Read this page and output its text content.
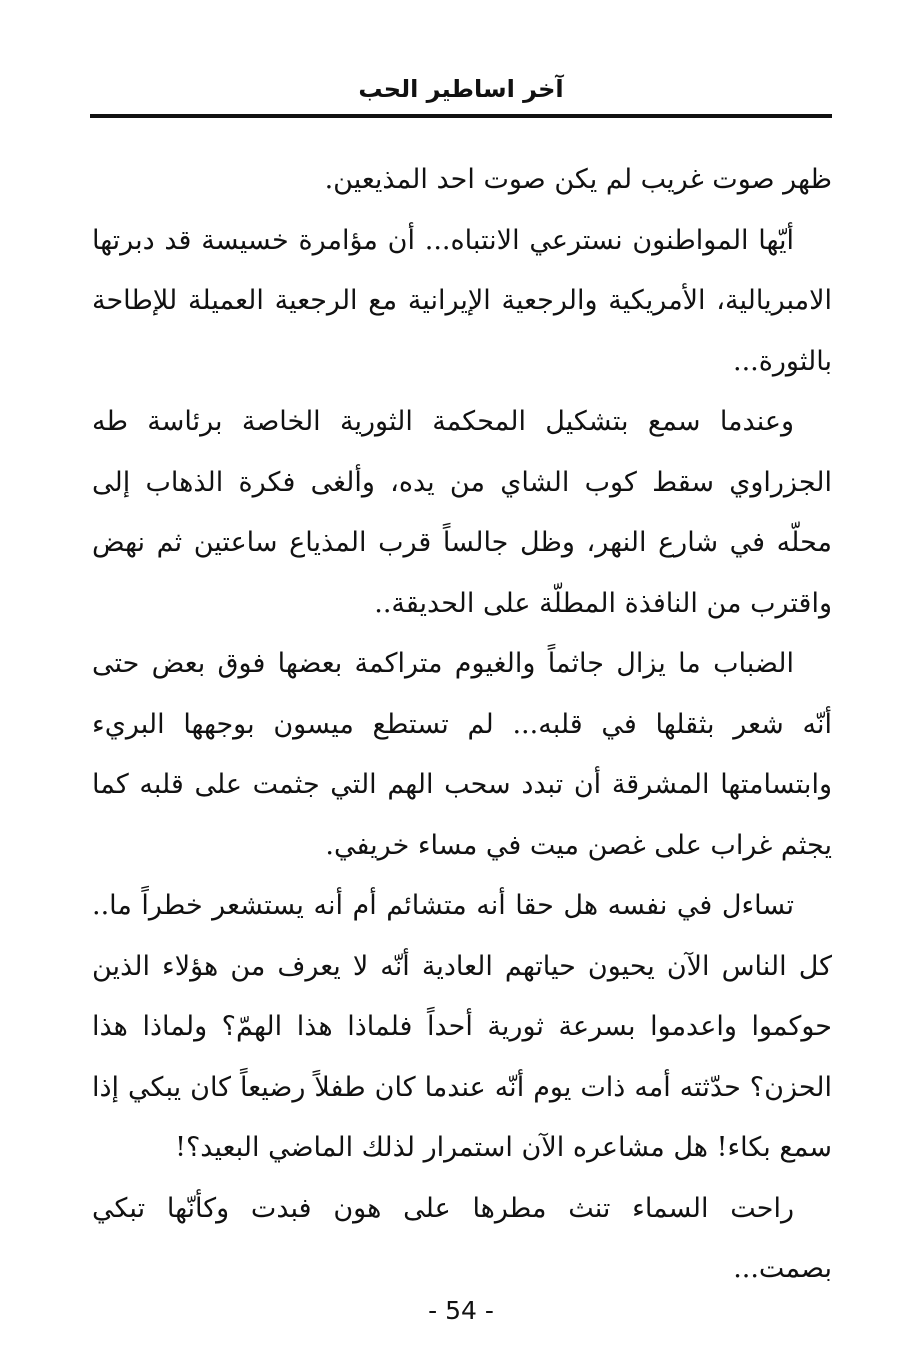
آخر اساطير الحب

ظهر صوت غريب لم يكن صوت احد المذيعين.

أيّها المواطنون نسترعي الانتباه... أن مؤامرة خسيسة قد دبرتها الامبريالية، الأمريكية والرجعية الإيرانية مع الرجعية العميلة للإطاحة بالثورة...

وعندما سمع بتشكيل المحكمة الثورية الخاصة برئاسة طه الجزراوي سقط كوب الشاي من يده، وألغى فكرة الذهاب إلى محلّه في شارع النهر، وظل جالساً قرب المذياع ساعتين ثم نهض واقترب من النافذة المطلّة على الحديقة..

الضباب ما يزال جاثماً والغيوم متراكمة بعضها فوق بعض حتى أنّه شعر بثقلها في قلبه... لم تستطع ميسون بوجهها البريء وابتسامتها المشرقة أن تبدد سحب الهم التي جثمت على قلبه كما يجثم غراب على غصن ميت في مساء خريفي.

تساءل في نفسه هل حقا أنه متشائم أم أنه يستشعر خطراً ما.. كل الناس الآن يحيون حياتهم العادية أنّه لا يعرف من هؤلاء الذين حوكموا واعدموا بسرعة ثورية أحداً فلماذا هذا الهمّ؟ ولماذا هذا الحزن؟ حدّثته أمه ذات يوم أنّه عندما كان طفلاً رضيعاً كان يبكي إذا سمع بكاء! هل مشاعره الآن استمرار لذلك الماضي البعيد؟!

راحت السماء تنث مطرها على هون فبدت وكأنّها تبكي بصمت...

- 54 -
